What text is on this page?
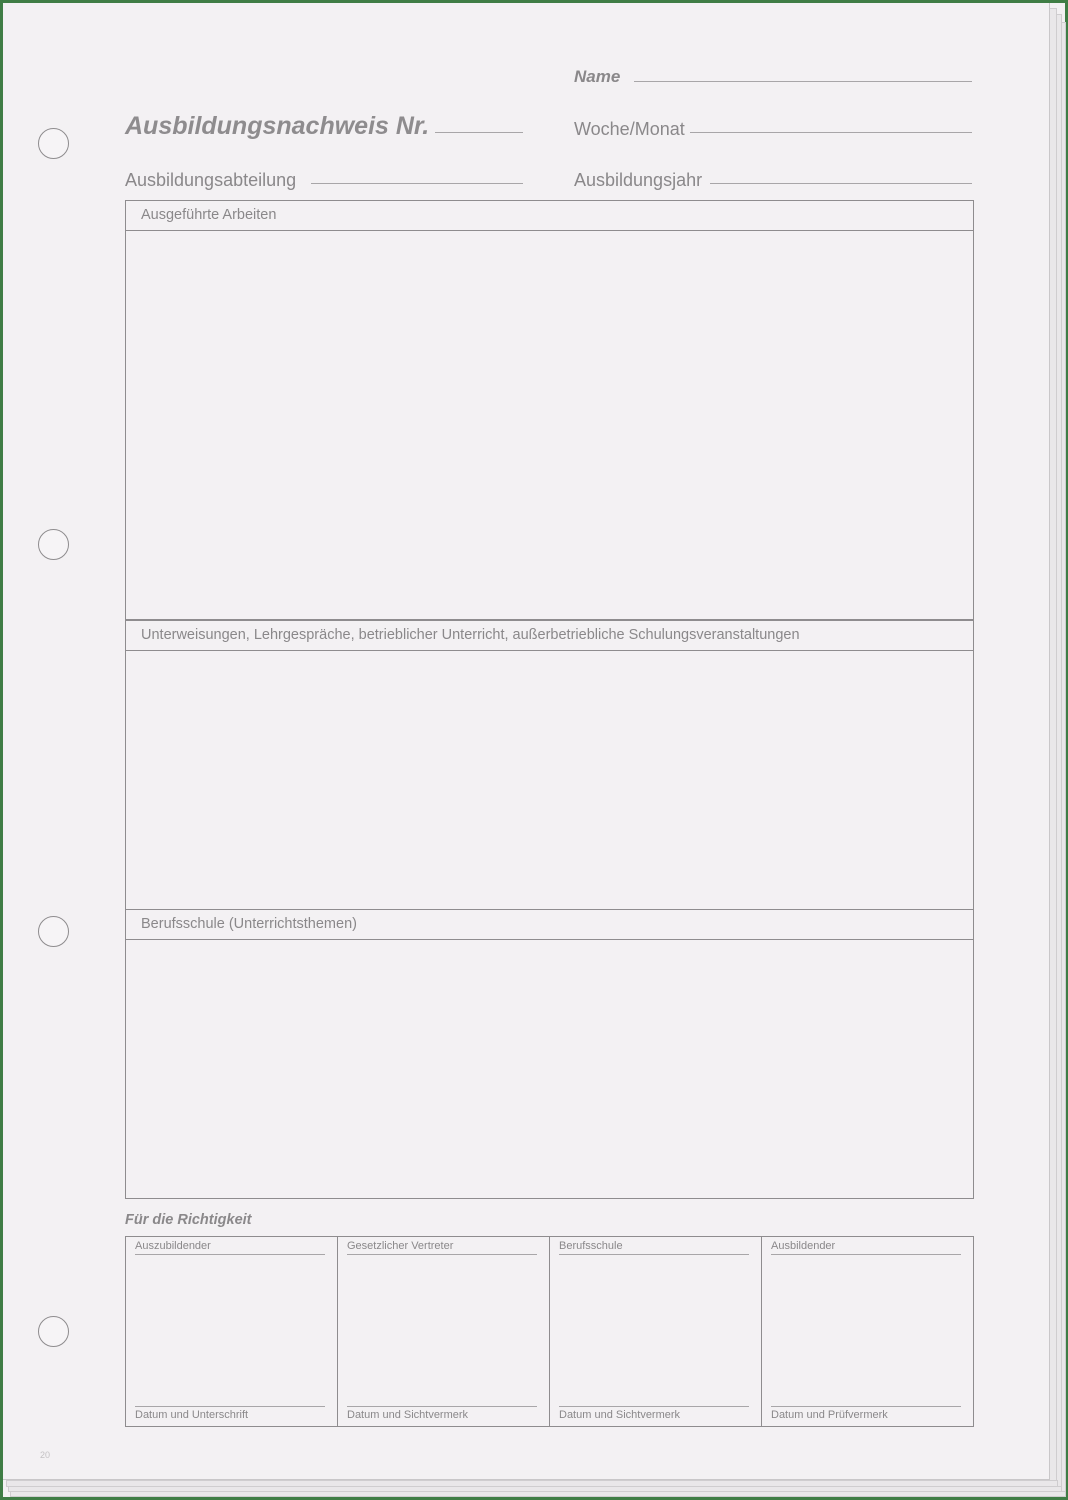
Name
Ausbildungsnachweis Nr.	Woche/Monat
Ausbildungsabteilung	Ausbildungsjahr
Ausgeführte Arbeiten
Unterweisungen, Lehrgespräche, betrieblicher Unterricht, außerbetriebliche Schulungsveranstaltungen
Berufsschule (Unterrichtsthemen)
Für die Richtigkeit
Auszubildender
Datum und Unterschrift
Gesetzlicher Vertreter
Datum und Sichtvermerk
Berufsschule
Datum und Sichtvermerk
Ausbildender
Datum und Prüfvermerk
20
